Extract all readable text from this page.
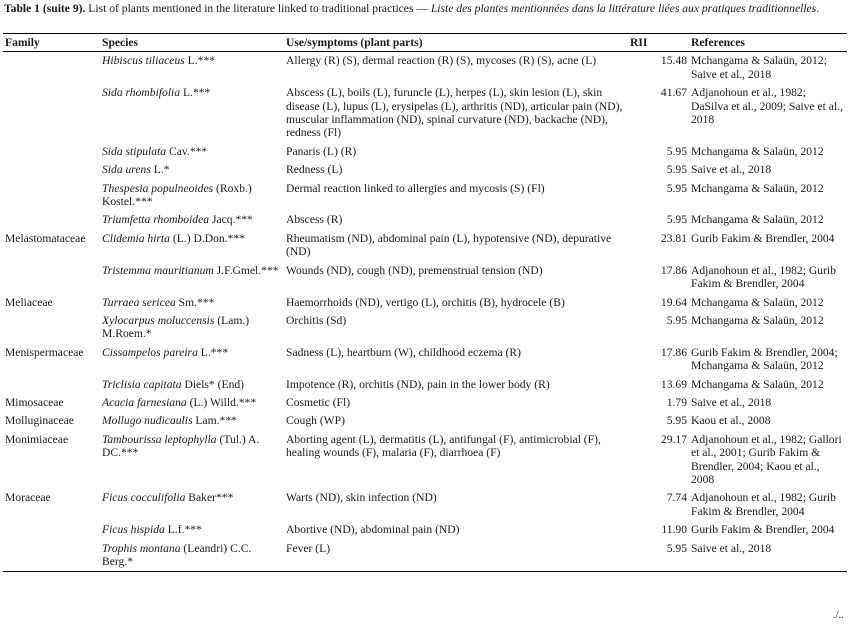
Table 1 (suite 9). List of plants mentioned in the literature linked to traditional practices — Liste des plantes mentionnées dans la littérature liées aux pratiques traditionnelles.
Family	Species	Use/symptoms (plant parts)	RII	References
	Hibiscus tiliaceus L.***	Allergy (R) (S), dermal reaction (R) (S), mycoses (R) (S), acne (L)	15.48	Mchangama & Salaün, 2012; Saive et al., 2018
	Sida rhombifolia L.***	Abscess (L), boils (L), furuncle (L), herpes (L), skin lesion (L), skin disease (L), lupus (L), erysipelas (L), arthritis (ND), articular pain (ND), muscular inflammation (ND), spinal curvature (ND), backache (ND), redness (Fl)	41.67	Adjanohoun et al., 1982; DaSilva et al., 2009; Saive et al., 2018
	Sida stipulata Cav.***	Panaris (L) (R)	5.95	Mchangama & Salaün, 2012
	Sida urens L.*	Redness (L)	5.95	Saive et al., 2018
	Thespesia populneoides (Roxb.) Kostel.***	Dermal reaction linked to allergies and mycosis (S) (Fl)	5.95	Mchangama & Salaün, 2012
	Triumfetta rhomboidea Jacq.***	Abscess (R)	5.95	Mchangama & Salaün, 2012
Melastomataceae	Clidemia hirta (L.) D.Don.***	Rheumatism (ND), abdominal pain (L), hypotensive (ND), depurative (ND)	23.81	Gurib Fakim & Brendler, 2004
	Tristemma mauritianum J.F.Gmel.***	Wounds (ND), cough (ND), premenstrual tension (ND)	17.86	Adjanohoun et al., 1982; Gurib Fakim & Brendler, 2004
Meliaceae	Turraea sericea Sm.***	Haemorrhoids (ND), vertigo (L), orchitis (B), hydrocele (B)	19.64	Mchangama & Salaün, 2012
	Xylocarpus moluccensis (Lam.) M.Roem.*	Orchitis (Sd)	5.95	Mchangama & Salaün, 2012
Menispermaceae	Cissampelos pareira L.***	Sadness (L), heartburn (W), childhood eczema (R)	17.86	Gurib Fakim & Brendler, 2004; Mchangama & Salaün, 2012
	Triclisia capitata Diels* (End)	Impotence (R), orchitis (ND), pain in the lower body (R)	13.69	Mchangama & Salaün, 2012
Mimosaceae	Acacia farnesiana (L.) Willd.***	Cosmetic (Fl)	1.79	Saive et al., 2018
Molluginaceae	Mollugo nudicaulis Lam.***	Cough (WP)	5.95	Kaou et al., 2008
Monimiaceae	Tambourissa leptophylla (Tul.) A. DC.***	Aborting agent (L), dermatitis (L), antifungal (F), antimicrobial (F), healing wounds (F), malaria (F), diarrhoea (F)	29.17	Adjanohoun et al., 1982; Gallori et al., 2001; Gurib Fakim & Brendler, 2004; Kaou et al., 2008
Moraceae	Ficus cocculifolia Baker***	Warts (ND), skin infection (ND)	7.74	Adjanohoun et al., 1982; Gurib Fakim & Brendler, 2004
	Ficus hispida L.f.***	Abortive (ND), abdominal pain (ND)	11.90	Gurib Fakim & Brendler, 2004
	Trophis montana (Leandri) C.C. Berg.*	Fever (L)	5.95	Saive et al., 2018
./..
